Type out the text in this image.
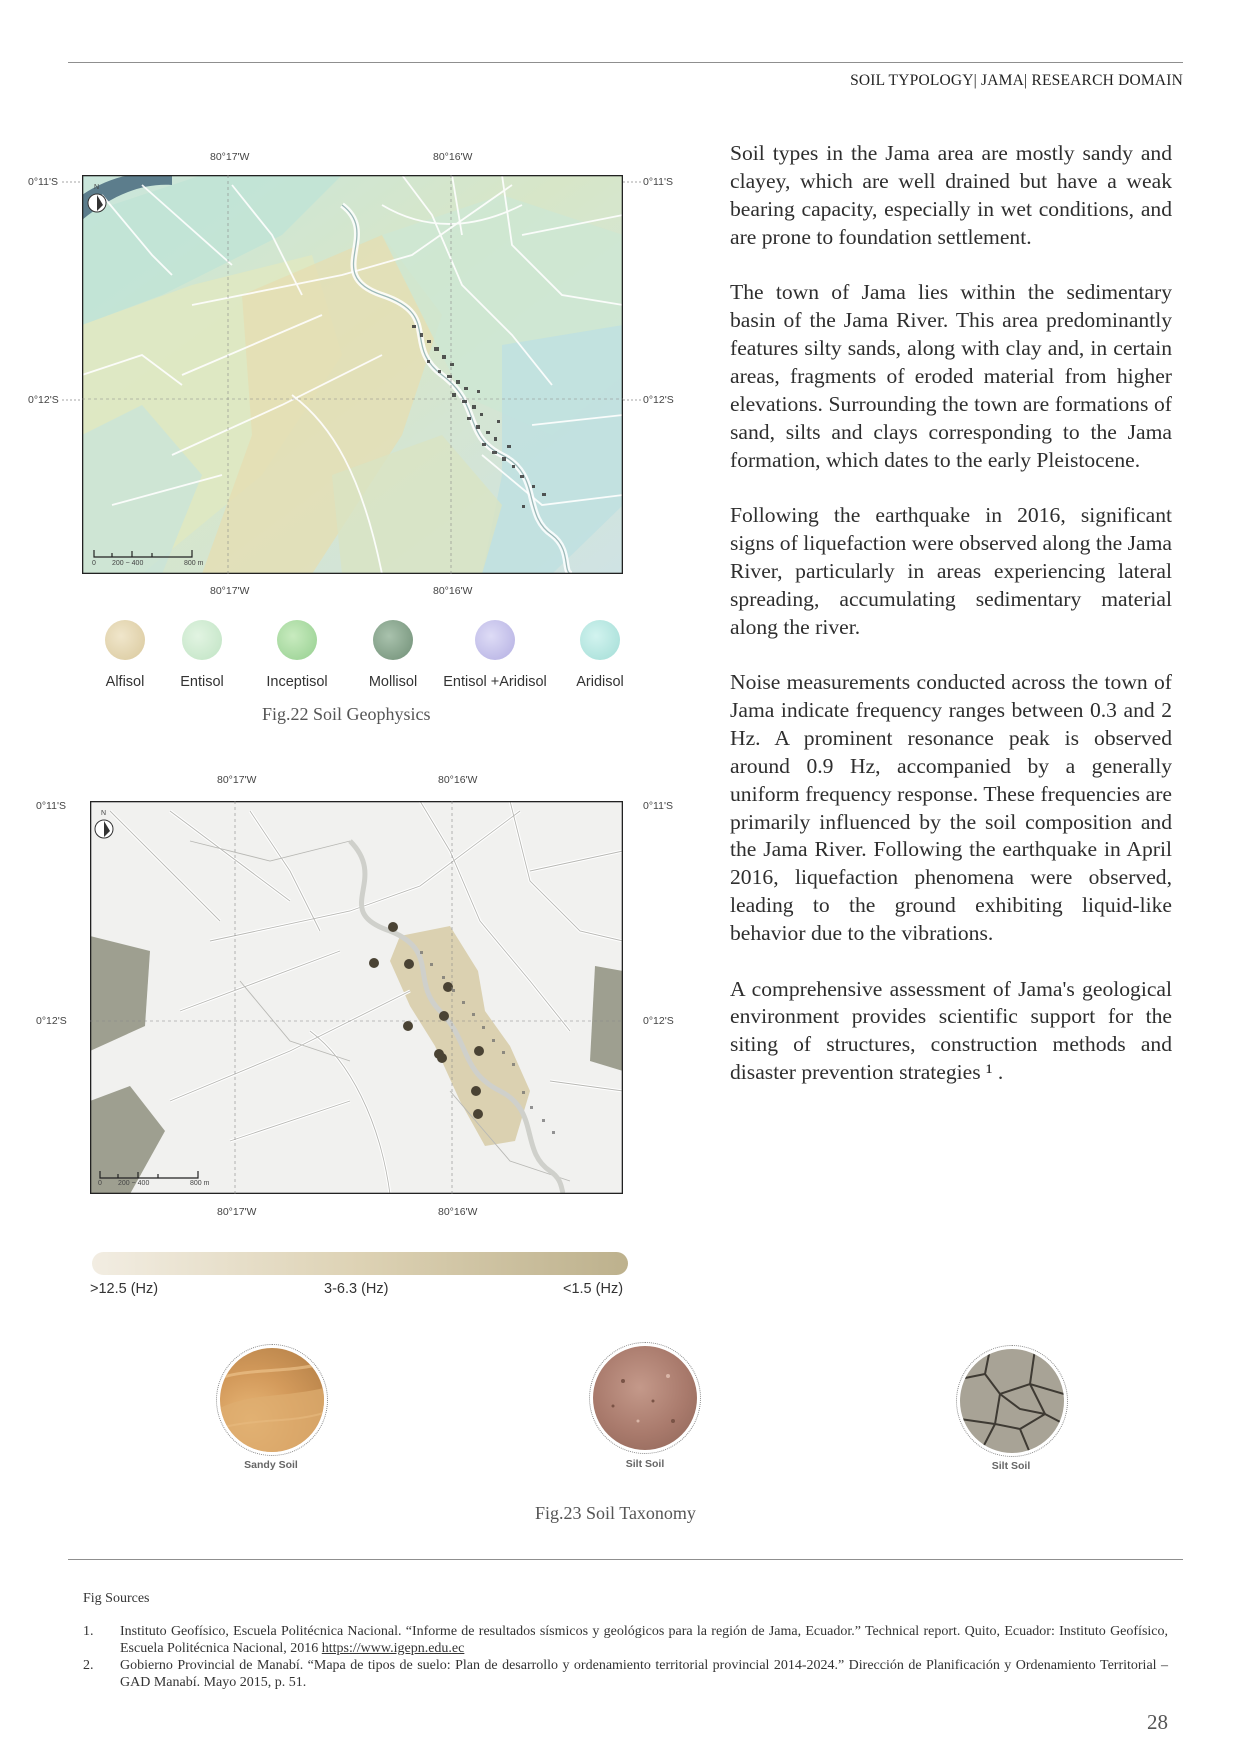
SOIL TYPOLOGY| JAMA| RESEARCH DOMAIN
N
0 200 ~ 400	800 m
80°17'W	80°16'W
80°17'W	80°16'W
0°11'S	0°11'S
0°12'S	0°12'S
Alfisol	Entisol	Inceptisol	Mollisol	Entisol +Aridisol	Aridisol
Fig.22 Soil Geophysics
N
0 200 ~ 400	800 m
80°17'W	80°16'W
80°17'W	80°16'W
0°11'S	0°11'S
0°12'S	0°12'S
>12.5 (Hz)	3-6.3 (Hz)	<1.5 (Hz)

Soil types in the Jama area are mostly sandy and clayey, which are well drained but have a weak bearing capacity, especially in wet conditions, and are prone to foundation settlement.

The town of Jama lies within the sedimentary basin of the Jama River. This area predominantly features silty sands, along with clay and, in certain areas, fragments of eroded material from higher elevations. Surrounding the town are formations of sand, silts and clays corresponding to the Jama formation, which dates to the early Pleistocene.

Following the earthquake in 2016, significant signs of liquefaction were observed along the Jama River, particularly in areas experiencing lateral spreading, accumulating sedimentary material along the river.

Noise measurements conducted across the town of Jama indicate frequency ranges between 0.3 and 2 Hz. A prominent resonance peak is observed around 0.9 Hz, accompanied by a generally uniform frequency response. These frequencies are primarily influenced by the soil composition and the Jama River. Following the earthquake in April 2016, liquefaction phenomena were observed, leading to the ground exhibiting liquid-like behavior due to the vibrations.

A comprehensive assessment of Jama's geological environment provides scientific support for the siting of structures, construction methods and disaster prevention strategies ¹ .

Sandy Soil	Silt Soil	Silt Soil
Fig.23 Soil Taxonomy
Fig Sources
1. Instituto Geofísico, Escuela Politécnica Nacional. “Informe de resultados sísmicos y geológicos para la región de Jama, Ecuador.” Technical report. Quito, Ecuador: Instituto Geofísico, Escuela Politécnica Nacional, 2016 https://www.igepn.edu.ec
2. Gobierno Provincial de Manabí. “Mapa de tipos de suelo: Plan de desarrollo y ordenamiento territorial provincial 2014-2024.” Dirección de Planificación y Ordenamiento Territorial – GAD Manabí. Mayo 2015, p. 51.
28
